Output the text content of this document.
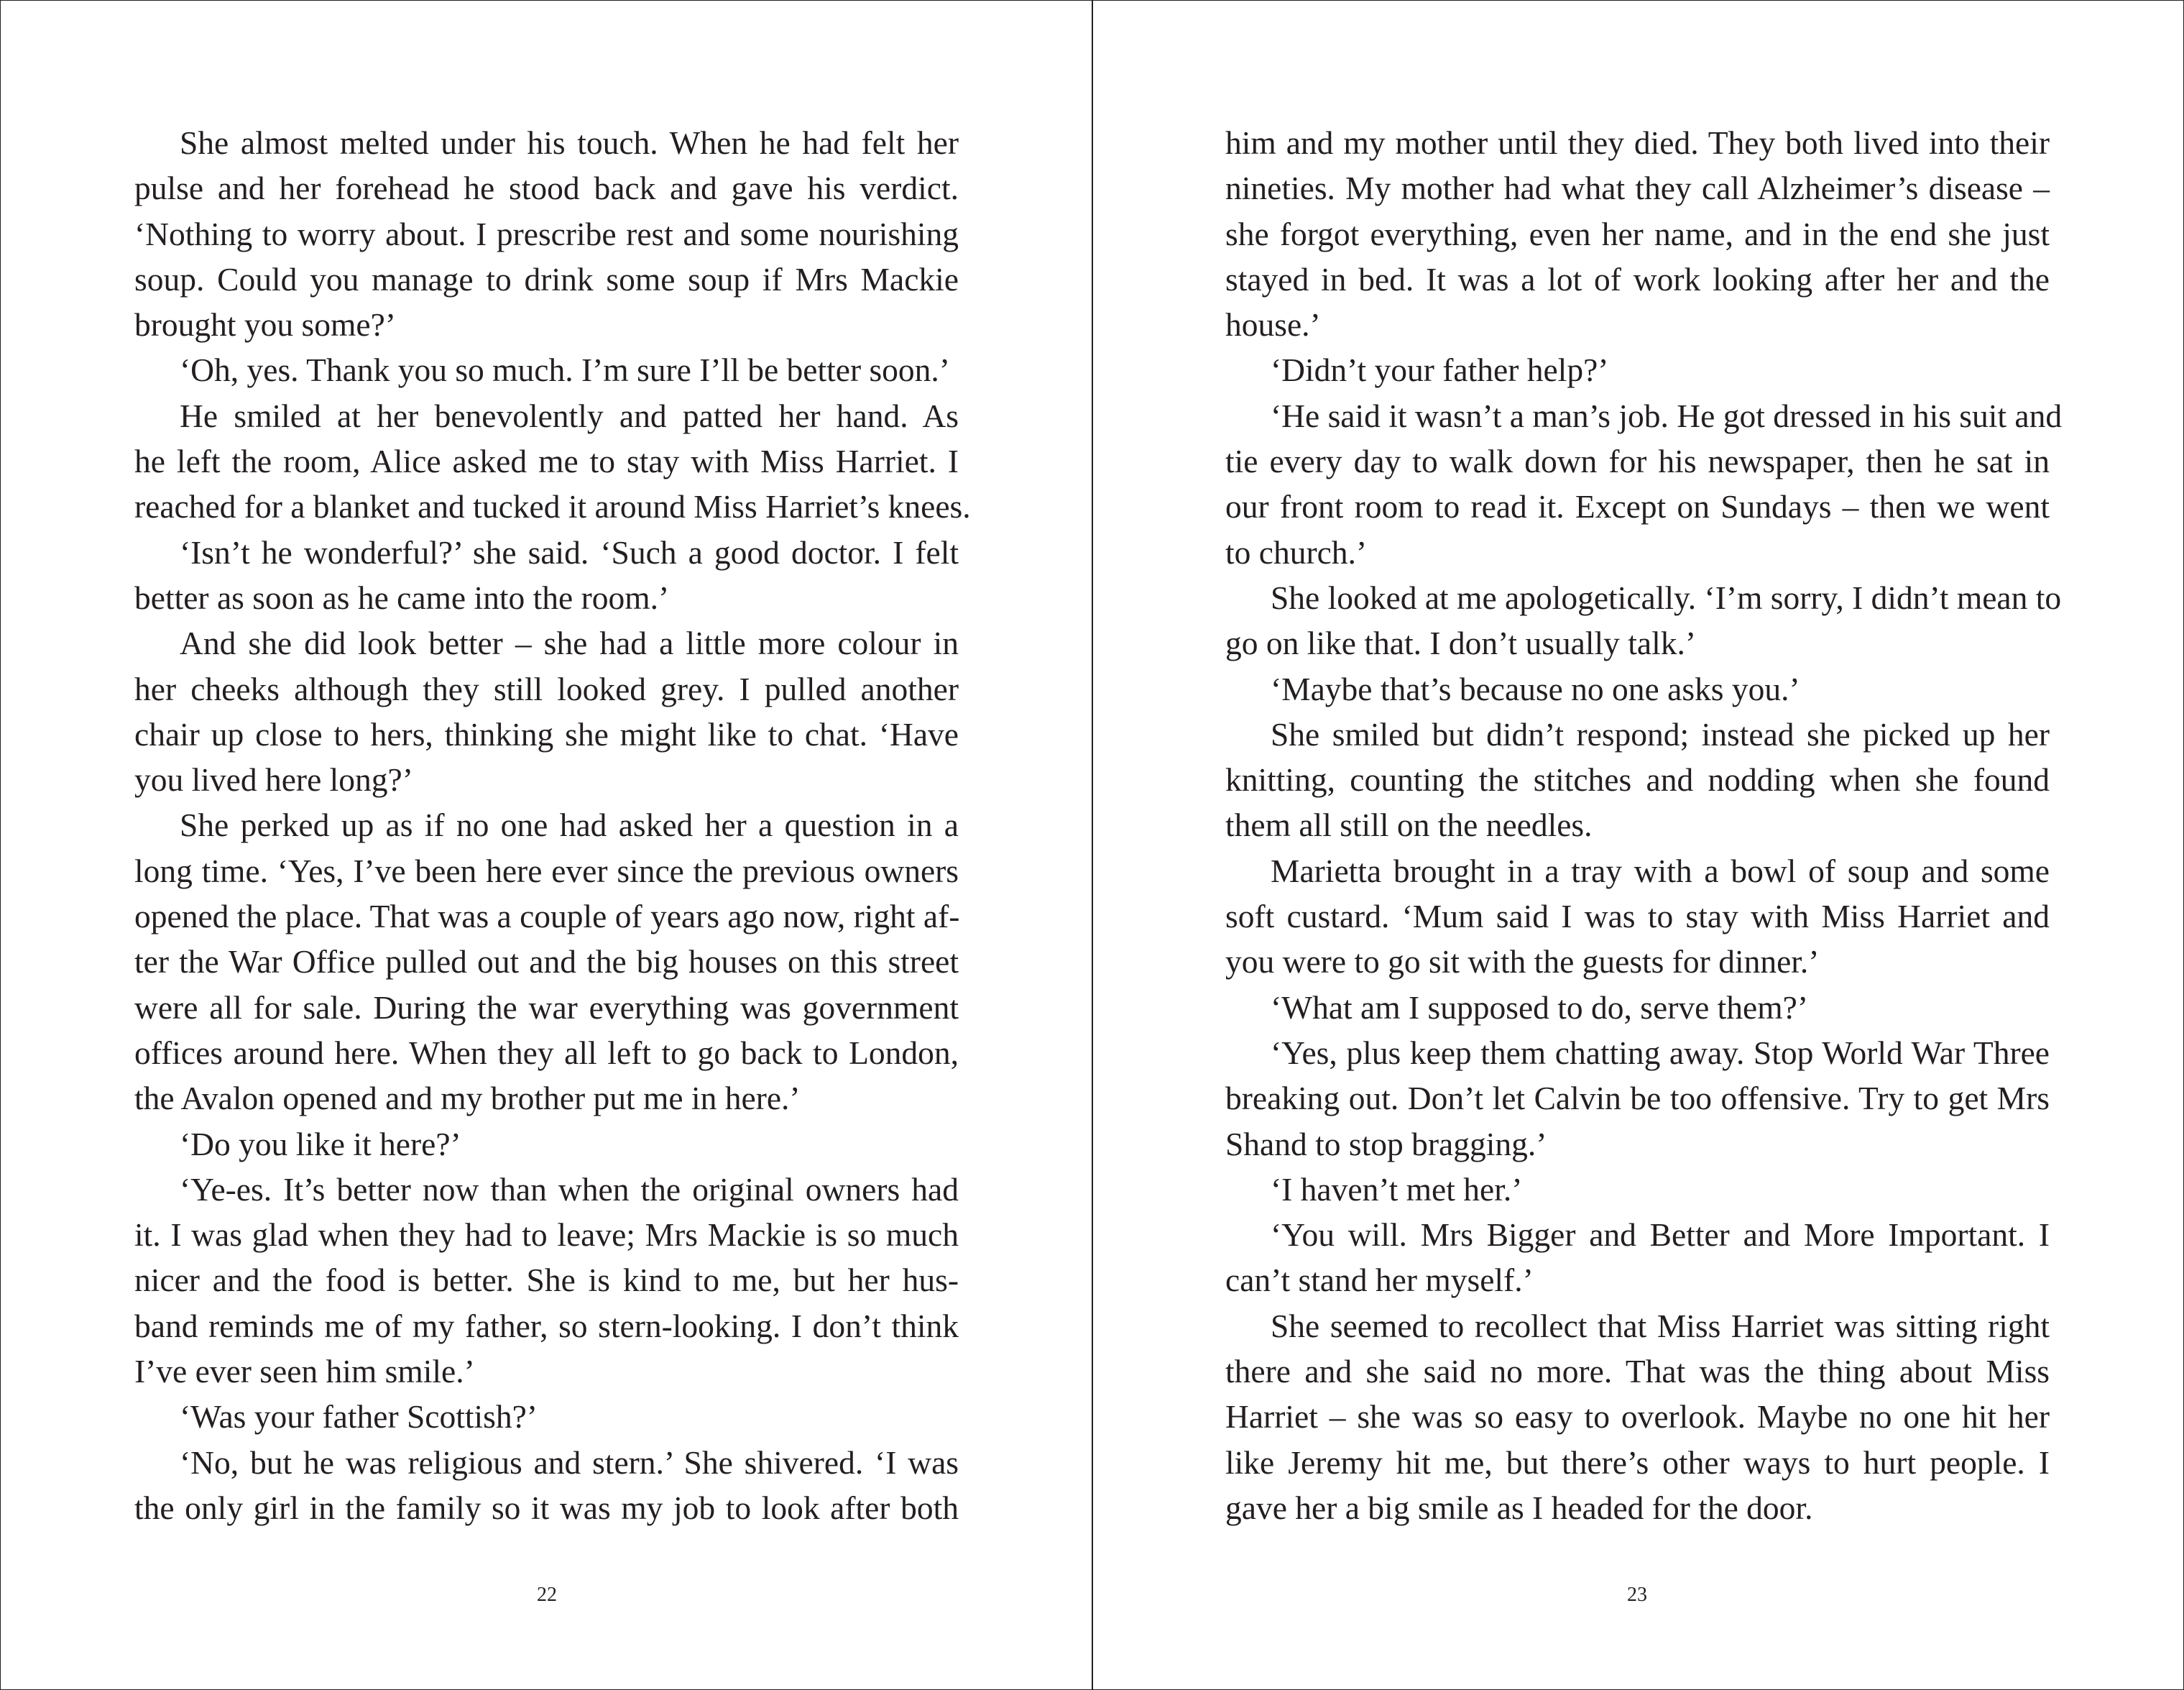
She almost melted under his touch. When he had felt her
pulse and her forehead he stood back and gave his verdict.
‘Nothing to worry about. I prescribe rest and some nourishing
soup. Could you manage to drink some soup if Mrs Mackie
brought you some?’
‘Oh, yes. Thank you so much. I’m sure I’ll be better soon.’
He smiled at her benevolently and patted her hand. As
he left the room, Alice asked me to stay with Miss Harriet. I
reached for a blanket and tucked it around Miss Harriet’s knees.
‘Isn’t he wonderful?’ she said. ‘Such a good doctor. I felt
better as soon as he came into the room.’
And she did look better – she had a little more colour in
her cheeks although they still looked grey. I pulled another
chair up close to hers, thinking she might like to chat. ‘Have
you lived here long?’
She perked up as if no one had asked her a question in a
long time. ‘Yes, I’ve been here ever since the previous owners
opened the place. That was a couple of years ago now, right af-
ter the War Office pulled out and the big houses on this street
were all for sale. During the war everything was government
offices around here. When they all left to go back to London,
the Avalon opened and my brother put me in here.’
‘Do you like it here?’
‘Ye-es. It’s better now than when the original owners had
it. I was glad when they had to leave; Mrs Mackie is so much
nicer and the food is better. She is kind to me, but her hus-
band reminds me of my father, so stern-looking. I don’t think
I’ve ever seen him smile.’
‘Was your father Scottish?’
‘No, but he was religious and stern.’ She shivered. ‘I was
the only girl in the family so it was my job to look after both
22
him and my mother until they died. They both lived into their
nineties. My mother had what they call Alzheimer’s disease –
she forgot everything, even her name, and in the end she just
stayed in bed. It was a lot of work looking after her and the
house.’
‘Didn’t your father help?’
‘He said it wasn’t a man’s job. He got dressed in his suit and
tie every day to walk down for his newspaper, then he sat in
our front room to read it. Except on Sundays – then we went
to church.’
She looked at me apologetically. ‘I’m sorry, I didn’t mean to
go on like that. I don’t usually talk.’
‘Maybe that’s because no one asks you.’
She smiled but didn’t respond; instead she picked up her
knitting, counting the stitches and nodding when she found
them all still on the needles.
Marietta brought in a tray with a bowl of soup and some
soft custard. ‘Mum said I was to stay with Miss Harriet and
you were to go sit with the guests for dinner.’
‘What am I supposed to do, serve them?’
‘Yes, plus keep them chatting away. Stop World War Three
breaking out. Don’t let Calvin be too offensive. Try to get Mrs
Shand to stop bragging.’
‘I haven’t met her.’
‘You will. Mrs Bigger and Better and More Important. I
can’t stand her myself.’
She seemed to recollect that Miss Harriet was sitting right
there and she said no more. That was the thing about Miss
Harriet – she was so easy to overlook. Maybe no one hit her
like Jeremy hit me, but there’s other ways to hurt people. I
gave her a big smile as I headed for the door.
23
